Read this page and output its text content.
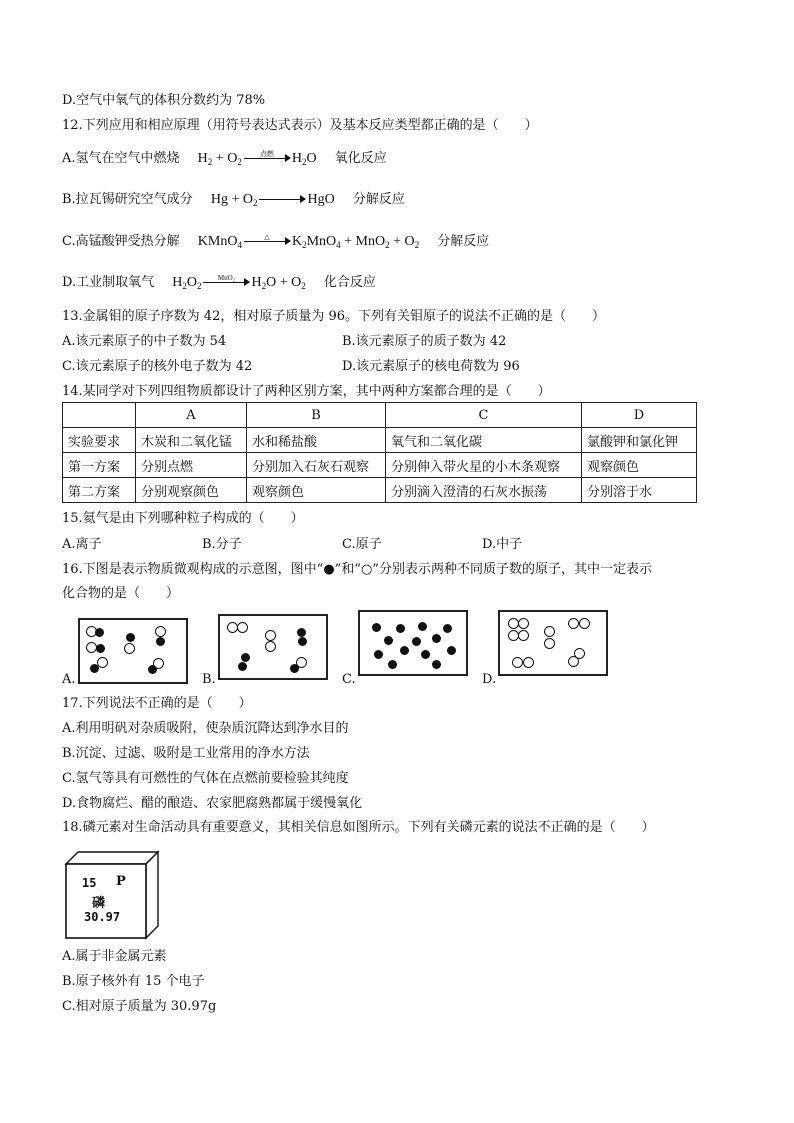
D.空气中氧气的体积分数约为 78%
12.下列应用和相应原理（用符号表达式表示）及基本反应类型都正确的是（　　）
A.氢气在空气中燃烧 $H_2 + O_2$
点燃	$H_2O$ 氧化反应
B.拉瓦锡研究空气成分 $Hg + O_2$	HgO 分解反应
C.高锰酸钾受热分解 KMnO$_4$
△	$K_2MnO_4 + MnO_2 + O_2$ 分解反应
D.工业制取氧气 $H_2O_2$
MnO₂	$H_2O + O_2$ 化合反应
13.金属钼的原子序数为 42，相对原子质量为 96。下列有关钼原子的说法不正确的是（　　）
A.该元素原子的中子数为 54	B.该元素原子的质子数为 42
C.该元素原子的核外电子数为 42	D.该元素原子的核电荷数为 96
14.某同学对下列四组物质都设计了两种区别方案，其中两种方案都合理的是（　　）
	A	B	C	D
实验要求	木炭和二氧化锰	水和稀盐酸	氧气和二氧化碳	氯酸钾和氯化钾
第一方案	分别点燃	分别加入石灰石观察	分别伸入带火星的小木条观察	观察颜色
第二方案	分别观察颜色	观察颜色	分别滴入澄清的石灰水振荡	分别溶于水
15.氦气是由下列哪种粒子构成的（　　）
A.离子	B.分子	C.原子	D.中子
16.下图是表示物质微观构成的示意图，图中“●”和“○”分别表示两种不同质子数的原子，其中一定表示
化合物的是（　　）
A.	B.	C.	D.
17.下列说法不正确的是（　　）
A.利用明矾对杂质吸附，使杂质沉降达到净水目的
B.沉淀、过滤、吸附是工业常用的净水方法
C.氢气等具有可燃性的气体在点燃前要检验其纯度
D.食物腐烂、醋的酿造、农家肥腐熟都属于缓慢氧化
18.磷元素对生命活动具有重要意义，其相关信息如图所示。下列有关磷元素的说法不正确的是（　　）
15 P
磷
30.97
A.属于非金属元素
B.原子核外有 15 个电子
C.相对原子质量为 30.97g
